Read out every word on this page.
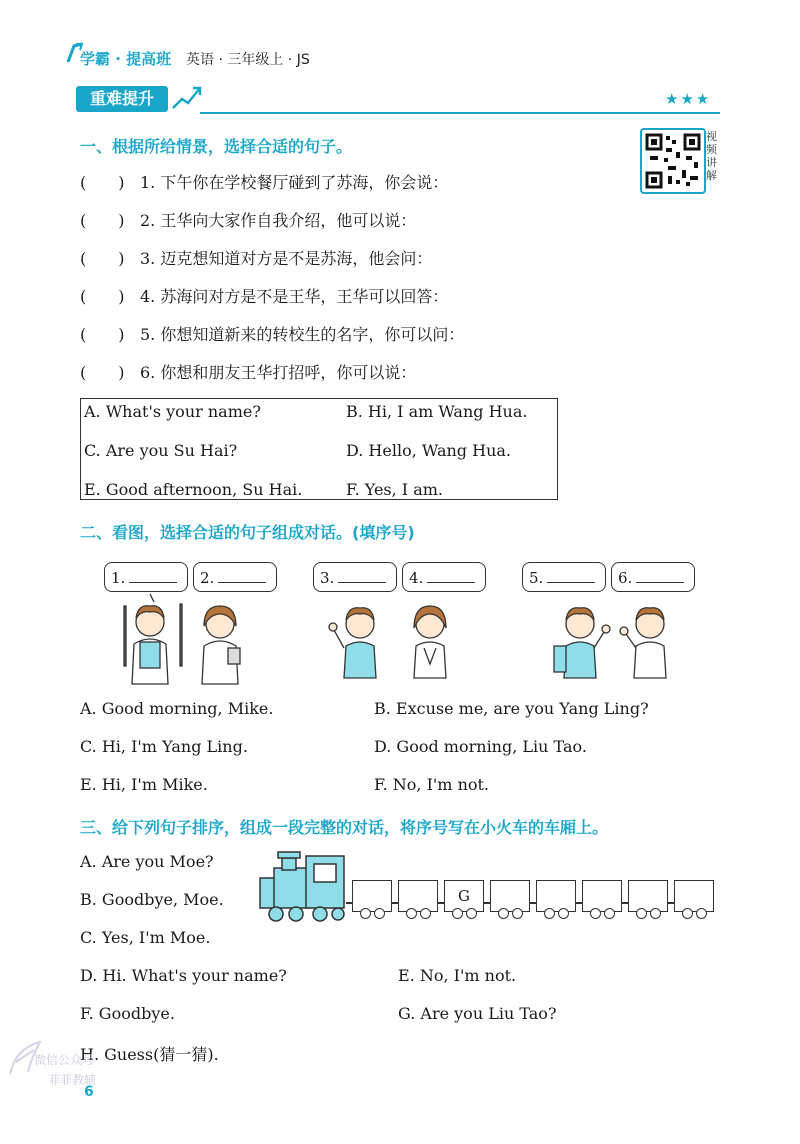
学霸 · 提高班 英语 · 三年级上 · JS
重难提升	★★★
视频讲解
一、根据所给情景，选择合适的句子。
(　　) 1. 下午你在学校餐厅碰到了苏海，你会说：
(　　) 2. 王华向大家作自我介绍，他可以说：
(　　) 3. 迈克想知道对方是不是苏海，他会问：
(　　) 4. 苏海问对方是不是王华，王华可以回答：
(　　) 5. 你想知道新来的转校生的名字，你可以问：
(　　) 6. 你想和朋友王华打招呼，你可以说：
A. What's your name?	B. Hi, I am Wang Hua.
C. Are you Su Hai?	D. Hello, Wang Hua.
E. Good afternoon, Su Hai.	F. Yes, I am.
二、看图，选择合适的句子组成对话。(填序号)
1.	2.	3.	4.	5.	6.
A. Good morning, Mike.	B. Excuse me, are you Yang Ling?
C. Hi, I'm Yang Ling.	D. Good morning, Liu Tao.
E. Hi, I'm Mike.	F. No, I'm not.
三、给下列句子排序，组成一段完整的对话，将序号写在小火车的车厢上。
A. Are you Moe?
B. Goodbye, Moe.
C. Yes, I'm Moe.
D. Hi. What's your name?	E. No, I'm not.
F. Goodbye.	G. Are you Liu Tao?
H. Guess(猜一猜).
G
微信公众号
菲菲教辅
6
